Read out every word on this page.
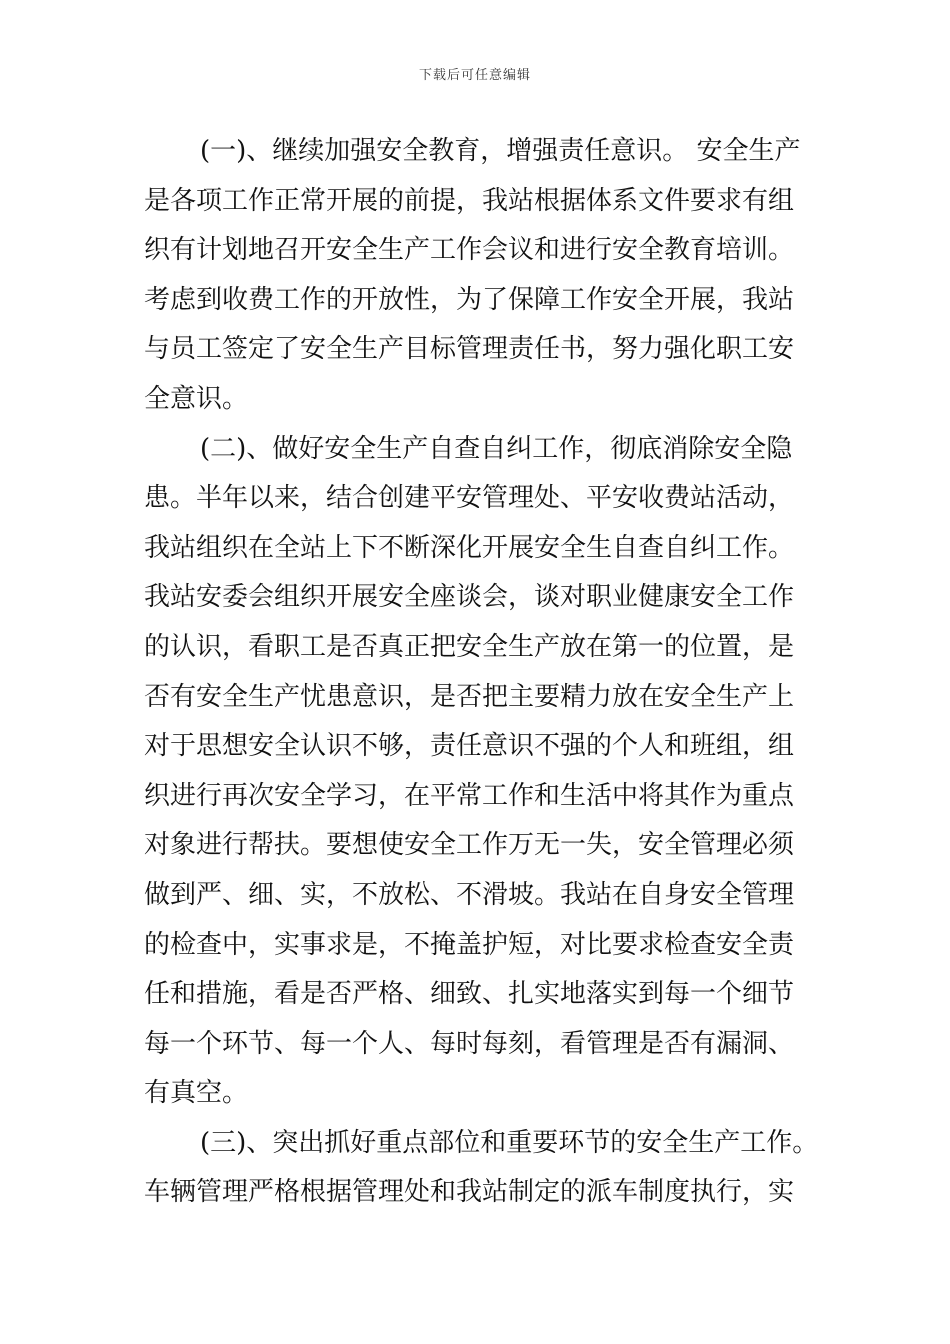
下载后可任意编辑
(一)、继续加强安全教育，增强责任意识。 安全生产
是各项工作正常开展的前提，我站根据体系文件要求有组
织有计划地召开安全生产工作会议和进行安全教育培训。
考虑到收费工作的开放性，为了保障工作安全开展，我站
与员工签定了安全生产目标管理责任书，努力强化职工安
全意识。
(二)、做好安全生产自查自纠工作，彻底消除安全隐
患。半年以来，结合创建平安管理处、平安收费站活动，
我站组织在全站上下不断深化开展安全生自查自纠工作。
我站安委会组织开展安全座谈会，谈对职业健康安全工作
的认识，看职工是否真正把安全生产放在第一的位置，是
否有安全生产忧患意识，是否把主要精力放在安全生产上
对于思想安全认识不够，责任意识不强的个人和班组，组
织进行再次安全学习，在平常工作和生活中将其作为重点
对象进行帮扶。要想使安全工作万无一失，安全管理必须
做到严、细、实，不放松、不滑坡。我站在自身安全管理
的检查中，实事求是，不掩盖护短，对比要求检查安全责
任和措施，看是否严格、细致、扎实地落实到每一个细节
每一个环节、每一个人、每时每刻，看管理是否有漏洞、
有真空。
(三)、突出抓好重点部位和重要环节的安全生产工作。
车辆管理严格根据管理处和我站制定的派车制度执行，实
